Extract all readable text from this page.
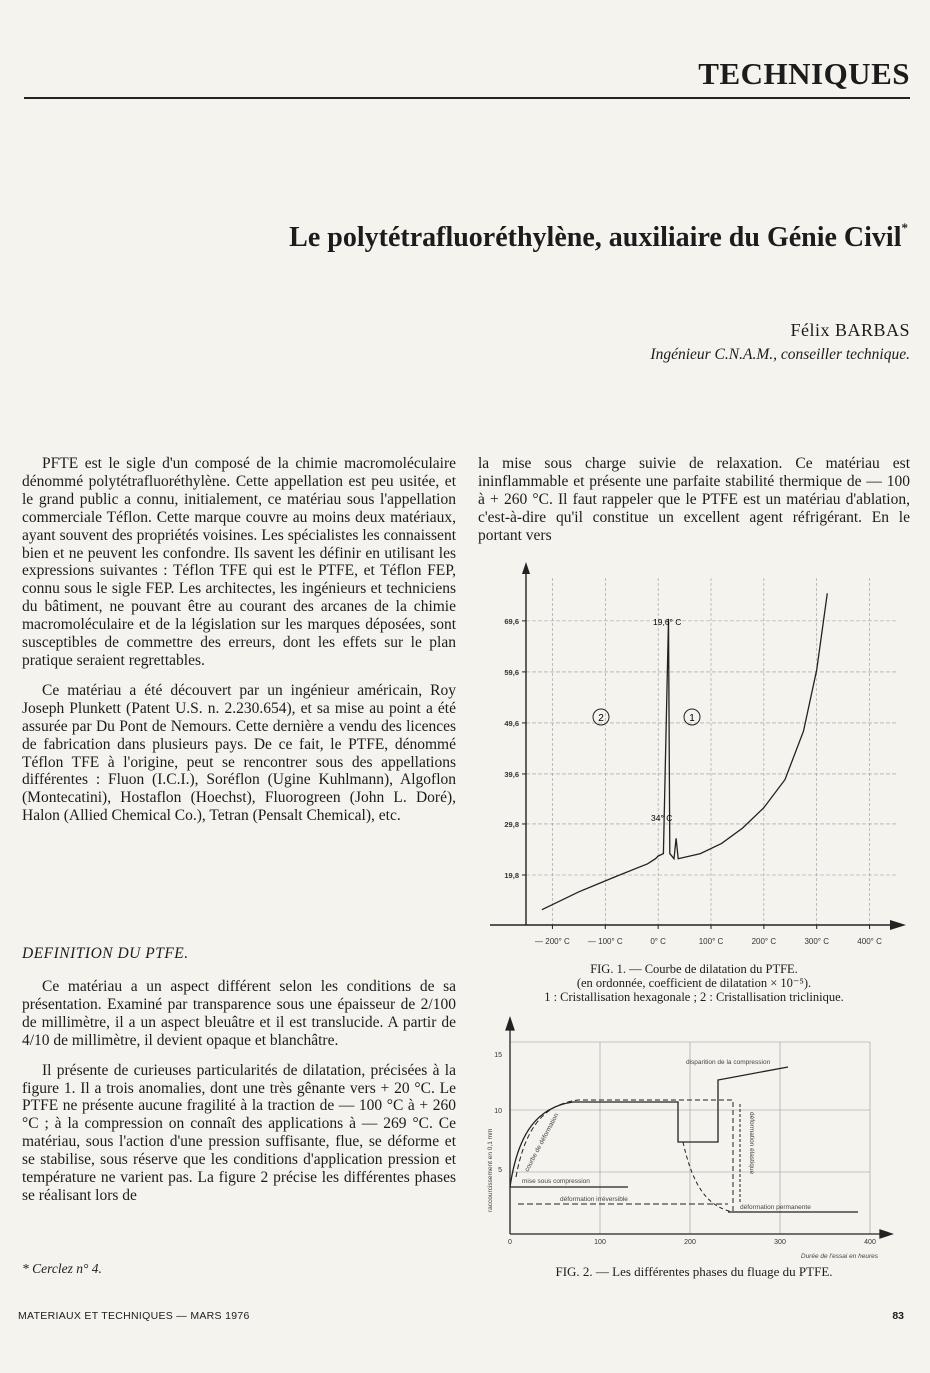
TECHNIQUES
Le polytétrafluoréthylène, auxiliaire du Génie Civil*
Félix BARBAS
Ingénieur C.N.A.M., conseiller technique.

PFTE est le sigle d'un composé de la chimie macromoléculaire dénommé polytétrafluoréthylène. Cette appellation est peu usitée, et le grand public a connu, initialement, ce matériau sous l'appellation commerciale Téflon. Cette marque couvre au moins deux matériaux, ayant souvent des propriétés voisines. Les spécialistes les connaissent bien et ne peuvent les confondre. Ils savent les définir en utilisant les expressions suivantes : Téflon TFE qui est le PTFE, et Téflon FEP, connu sous le sigle FEP. Les architectes, les ingénieurs et techniciens du bâtiment, ne pouvant être au courant des arcanes de la chimie macromoléculaire et de la législation sur les marques déposées, sont susceptibles de commettre des erreurs, dont les effets sur le plan pratique seraient regrettables.

Ce matériau a été découvert par un ingénieur américain, Roy Joseph Plunkett (Patent U.S. n. 2.230.654), et sa mise au point a été assurée par Du Pont de Nemours. Cette dernière a vendu des licences de fabrication dans plusieurs pays. De ce fait, le PTFE, dénommé Téflon TFE à l'origine, peut se rencontrer sous des appellations différentes : Fluon (I.C.I.), Soréflon (Ugine Kuhlmann), Algoflon (Montecatini), Hostaflon (Hoechst), Fluorogreen (John L. Doré), Halon (Allied Chemical Co.), Tetran (Pensalt Chemical), etc.

DEFINITION DU PTFE.

Ce matériau a un aspect différent selon les conditions de sa présentation. Examiné par transparence sous une épaisseur de 2/100 de millimètre, il a un aspect bleuâtre et il est translucide. A partir de 4/10 de millimètre, il devient opaque et blanchâtre.

Il présente de curieuses particularités de dilatation, précisées à la figure 1. Il a trois anomalies, dont une très gênante vers + 20 °C. Le PTFE ne présente aucune fragilité à la traction de — 100 °C à + 260 °C ; à la compression on connaît des applications à — 269 °C. Ce matériau, sous l'action d'une pression suffisante, flue, se déforme et se stabilise, sous réserve que les conditions d'application pression et température ne varient pas. La figure 2 précise les différentes phases se réalisant lors de

* Cerclez n° 4.

la mise sous charge suivie de relaxation. Ce matériau est ininflammable et présente une parfaite stabilité thermique de — 100 à + 260 °C. Il faut rappeler que le PTFE est un matériau d'ablation, c'est-à-dire qu'il constitue un excellent agent réfrigérant. En le portant vers

69,6
59,6
49,6
39,6
29,8
19,8
— 200° C — 100° C	0° C	100° C	200° C	300° C	400° C
19,6° C
34° C
2	1
FIG. 1. — Courbe de dilatation du PTFE.
(en ordonnée, coefficient de dilatation × 10⁻⁵).
1 : Cristallisation hexagonale ; 2 : Cristallisation triclinique.
15
10
5
0	100	200	300	400
disparition de la compression
mise sous compression
déformation irréversible
déformation permanente
courbe de déformation	déformation élastique
raccourcissement en 0,1 mm
Durée de l'essai en heures
FIG. 2. — Les différentes phases du fluage du PTFE.
MATERIAUX ET TECHNIQUES — MARS 1976	83
